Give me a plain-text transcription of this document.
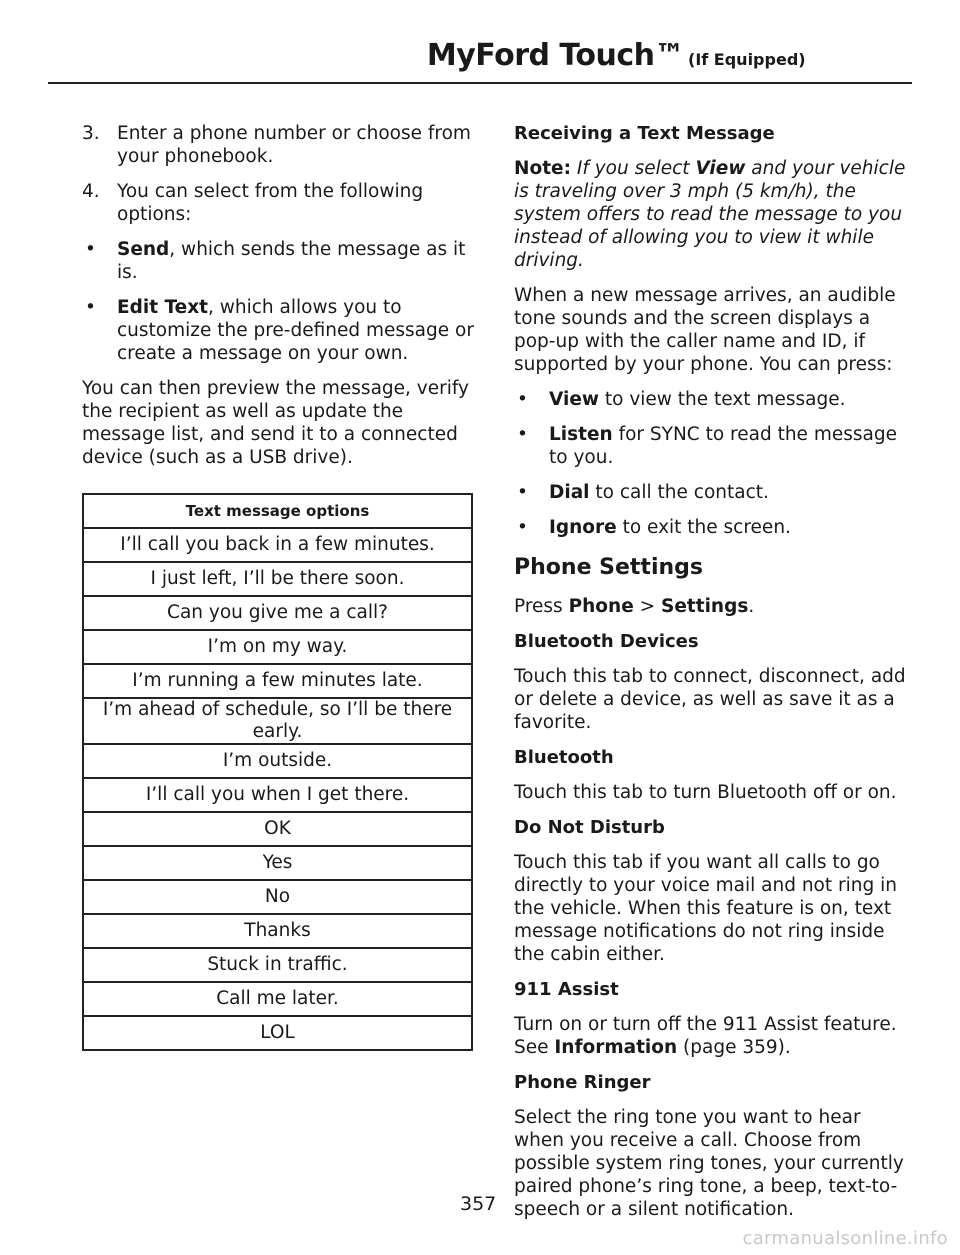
MyFord Touch™ (If Equipped)
3. Enter a phone number or choose from your phonebook.
4. You can select from the following options:
• Send, which sends the message as it is.
• Edit Text, which allows you to customize the pre-defined message or create a message on your own.

You can then preview the message, verify the recipient as well as update the message list, and send it to a connected device (such as a USB drive).

Text message options
I’ll call you back in a few minutes.
I just left, I’ll be there soon.
Can you give me a call?
I’m on my way.
I’m running a few minutes late.
I’m ahead of schedule, so I’ll be there early.
I’m outside.
I’ll call you when I get there.
OK
Yes
No
Thanks
Stuck in traffic.
Call me later.
LOL
Receiving a Text Message

Note: If you select View and your vehicle is traveling over 3 mph (5 km/h), the system offers to read the message to you instead of allowing you to view it while driving.

When a new message arrives, an audible tone sounds and the screen displays a pop-up with the caller name and ID, if supported by your phone. You can press:

• View to view the text message.
• Listen for SYNC to read the message to you.
• Dial to call the contact.
• Ignore to exit the screen.
Phone Settings

Press Phone > Settings.

Bluetooth Devices

Touch this tab to connect, disconnect, add or delete a device, as well as save it as a favorite.

Bluetooth

Touch this tab to turn Bluetooth off or on.

Do Not Disturb

Touch this tab if you want all calls to go directly to your voice mail and not ring in the vehicle. When this feature is on, text message notifications do not ring inside the cabin either.

911 Assist

Turn on or turn off the 911 Assist feature. See Information (page 359).

Phone Ringer

Select the ring tone you want to hear when you receive a call. Choose from possible system ring tones, your currently paired phone’s ring tone, a beep, text-to-speech or a silent notification.

357
carmanualsonline.info
